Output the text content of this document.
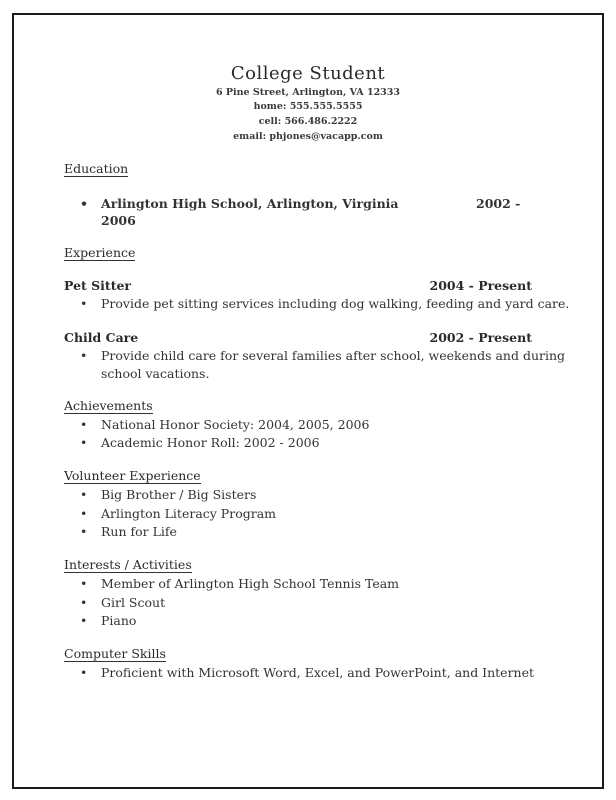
College Student
6 Pine Street, Arlington, VA 12333
home: 555.555.5555
cell: 566.486.2222
email: phjones@vacapp.com
Education
• Arlington High School, Arlington, Virginia	2002 -
2006
Experience
Pet Sitter	2004 - Present
• Provide pet sitting services including dog walking, feeding and yard care.
Child Care	2002 - Present
• Provide child care for several families after school, weekends and during
school vacations.
Achievements
• National Honor Society: 2004, 2005, 2006
• Academic Honor Roll: 2002 - 2006
Volunteer Experience
• Big Brother / Big Sisters
• Arlington Literacy Program
• Run for Life
Interests / Activities
• Member of Arlington High School Tennis Team
• Girl Scout
• Piano
Computer Skills
• Proficient with Microsoft Word, Excel, and PowerPoint, and Internet
